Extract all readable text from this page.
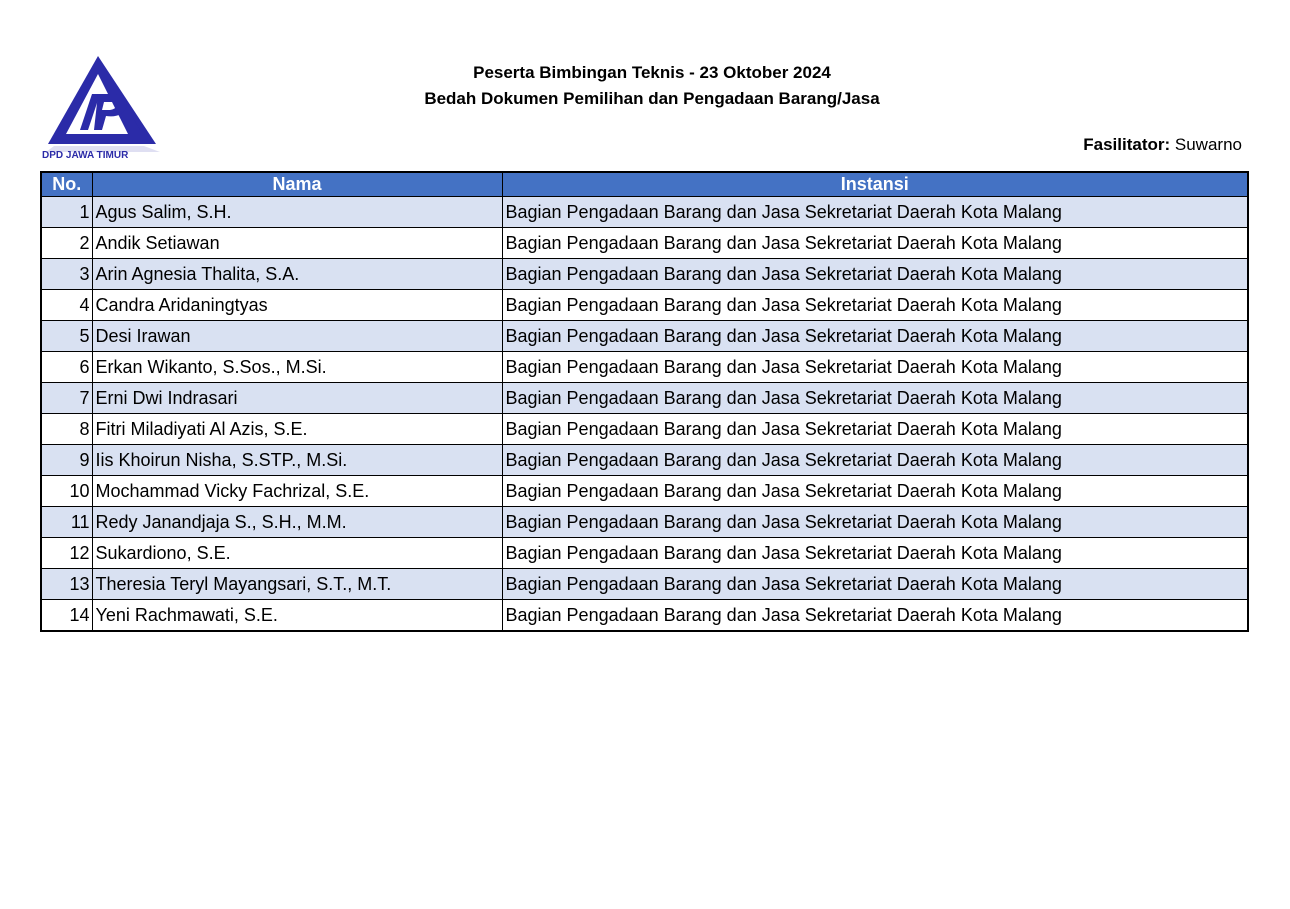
DPD JAWA TIMUR
Peserta Bimbingan Teknis - 23 Oktober 2024
Bedah Dokumen Pemilihan dan Pengadaan Barang/Jasa
Fasilitator: Suwarno
No.	Nama	Instansi
1	Agus Salim, S.H.	Bagian Pengadaan Barang dan Jasa Sekretariat Daerah Kota Malang
2	Andik Setiawan	Bagian Pengadaan Barang dan Jasa Sekretariat Daerah Kota Malang
3	Arin Agnesia Thalita, S.A.	Bagian Pengadaan Barang dan Jasa Sekretariat Daerah Kota Malang
4	Candra Aridaningtyas	Bagian Pengadaan Barang dan Jasa Sekretariat Daerah Kota Malang
5	Desi Irawan	Bagian Pengadaan Barang dan Jasa Sekretariat Daerah Kota Malang
6	Erkan Wikanto, S.Sos., M.Si.	Bagian Pengadaan Barang dan Jasa Sekretariat Daerah Kota Malang
7	Erni Dwi Indrasari	Bagian Pengadaan Barang dan Jasa Sekretariat Daerah Kota Malang
8	Fitri Miladiyati Al Azis, S.E.	Bagian Pengadaan Barang dan Jasa Sekretariat Daerah Kota Malang
9	Iis Khoirun Nisha, S.STP., M.Si.	Bagian Pengadaan Barang dan Jasa Sekretariat Daerah Kota Malang
10	Mochammad Vicky Fachrizal, S.E.	Bagian Pengadaan Barang dan Jasa Sekretariat Daerah Kota Malang
11	Redy Janandjaja S., S.H., M.M.	Bagian Pengadaan Barang dan Jasa Sekretariat Daerah Kota Malang
12	Sukardiono, S.E.	Bagian Pengadaan Barang dan Jasa Sekretariat Daerah Kota Malang
13	Theresia Teryl Mayangsari, S.T., M.T.	Bagian Pengadaan Barang dan Jasa Sekretariat Daerah Kota Malang
14	Yeni Rachmawati, S.E.	Bagian Pengadaan Barang dan Jasa Sekretariat Daerah Kota Malang
